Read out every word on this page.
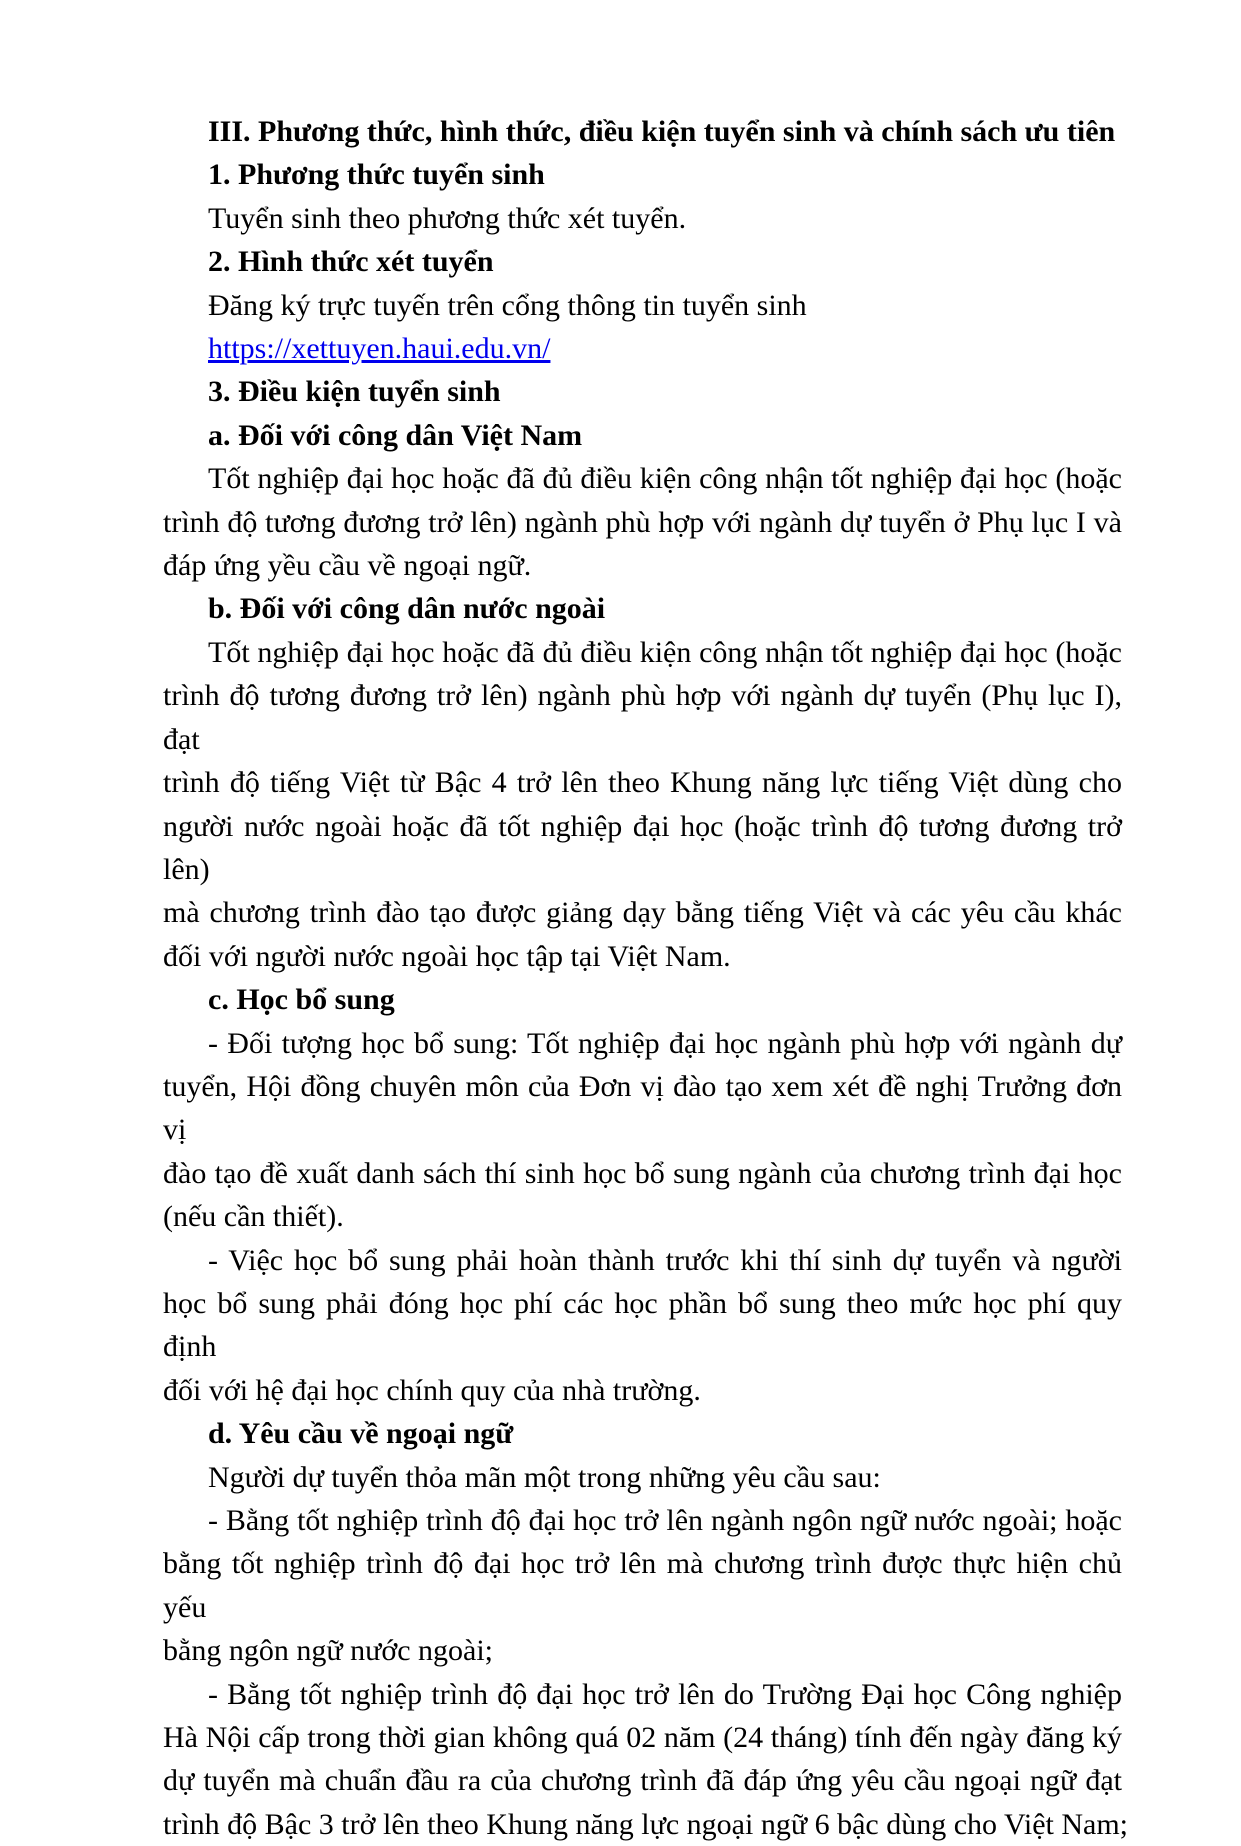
III. Phương thức, hình thức, điều kiện tuyển sinh và chính sách ưu tiên
1. Phương thức tuyển sinh
Tuyển sinh theo phương thức xét tuyển.
2. Hình thức xét tuyển
Đăng ký trực tuyến trên cổng thông tin tuyển sinh
https://xettuyen.haui.edu.vn/
3. Điều kiện tuyển sinh
a. Đối với công dân Việt Nam
Tốt nghiệp đại học hoặc đã đủ điều kiện công nhận tốt nghiệp đại học (hoặc
trình độ tương đương trở lên) ngành phù hợp với ngành dự tuyển ở Phụ lục I và
đáp ứng yều cầu về ngoại ngữ.
b. Đối với công dân nước ngoài
Tốt nghiệp đại học hoặc đã đủ điều kiện công nhận tốt nghiệp đại học (hoặc
trình độ tương đương trở lên) ngành phù hợp với ngành dự tuyển (Phụ lục I), đạt
trình độ tiếng Việt từ Bậc 4 trở lên theo Khung năng lực tiếng Việt dùng cho
người nước ngoài hoặc đã tốt nghiệp đại học (hoặc trình độ tương đương trở lên)
mà chương trình đào tạo được giảng dạy bằng tiếng Việt và các yêu cầu khác
đối với người nước ngoài học tập tại Việt Nam.
c. Học bổ sung
- Đối tượng học bổ sung: Tốt nghiệp đại học ngành phù hợp với ngành dự
tuyển, Hội đồng chuyên môn của Đơn vị đào tạo xem xét đề nghị Trưởng đơn vị
đào tạo đề xuất danh sách thí sinh học bổ sung ngành của chương trình đại học
(nếu cần thiết).
- Việc học bổ sung phải hoàn thành trước khi thí sinh dự tuyển và người
học bổ sung phải đóng học phí các học phần bổ sung theo mức học phí quy định
đối với hệ đại học chính quy của nhà trường.
d. Yêu cầu về ngoại ngữ
Người dự tuyển thỏa mãn một trong những yêu cầu sau:
- Bằng tốt nghiệp trình độ đại học trở lên ngành ngôn ngữ nước ngoài; hoặc
bằng tốt nghiệp trình độ đại học trở lên mà chương trình được thực hiện chủ yếu
bằng ngôn ngữ nước ngoài;
- Bằng tốt nghiệp trình độ đại học trở lên do Trường Đại học Công nghiệp
Hà Nội cấp trong thời gian không quá 02 năm (24 tháng) tính đến ngày đăng ký
dự tuyển mà chuẩn đầu ra của chương trình đã đáp ứng yêu cầu ngoại ngữ đạt
trình độ Bậc 3 trở lên theo Khung năng lực ngoại ngữ 6 bậc dùng cho Việt Nam;
